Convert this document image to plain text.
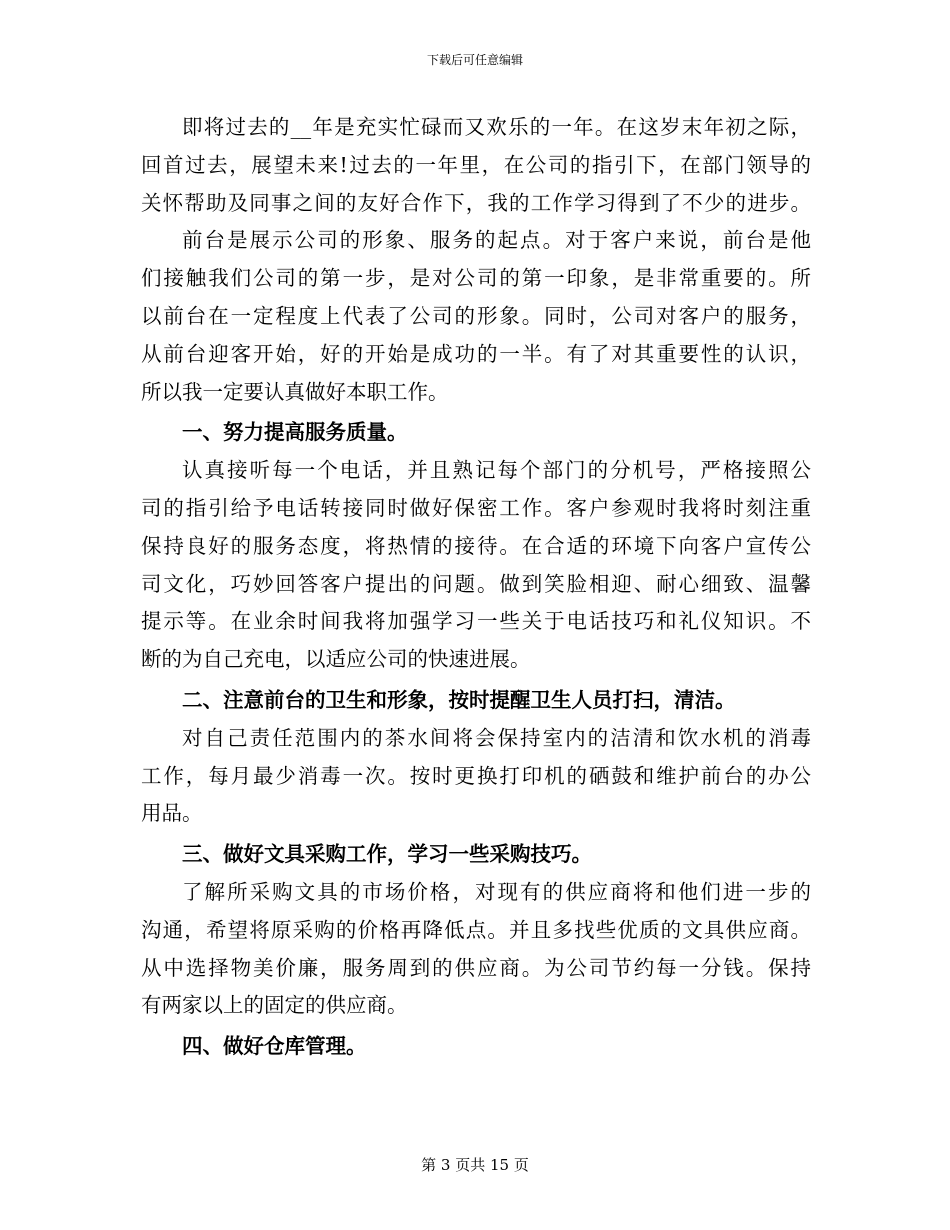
下载后可任意编辑
即将过去的__年是充实忙碌而又欢乐的一年。在这岁末年初之际，
回首过去，展望未来!过去的一年里，在公司的指引下，在部门领导的
关怀帮助及同事之间的友好合作下，我的工作学习得到了不少的进步。
前台是展示公司的形象、服务的起点。对于客户来说，前台是他
们接触我们公司的第一步，是对公司的第一印象，是非常重要的。所
以前台在一定程度上代表了公司的形象。同时，公司对客户的服务，
从前台迎客开始，好的开始是成功的一半。有了对其重要性的认识，
所以我一定要认真做好本职工作。
一、努力提高服务质量。
认真接听每一个电话，并且熟记每个部门的分机号，严格接照公
司的指引给予电话转接同时做好保密工作。客户参观时我将时刻注重
保持良好的服务态度，将热情的接待。在合适的环境下向客户宣传公
司文化，巧妙回答客户提出的问题。做到笑脸相迎、耐心细致、温馨
提示等。在业余时间我将加强学习一些关于电话技巧和礼仪知识。不
断的为自己充电，以适应公司的快速进展。
二、注意前台的卫生和形象，按时提醒卫生人员打扫，清洁。
对自己责任范围内的茶水间将会保持室内的洁清和饮水机的消毒
工作，每月最少消毒一次。按时更换打印机的硒鼓和维护前台的办公
用品。
三、做好文具采购工作，学习一些采购技巧。
了解所采购文具的市场价格，对现有的供应商将和他们进一步的
沟通，希望将原采购的价格再降低点。并且多找些优质的文具供应商。
从中选择物美价廉，服务周到的供应商。为公司节约每一分钱。保持
有两家以上的固定的供应商。
四、做好仓库管理。
第 3 页共 15 页
